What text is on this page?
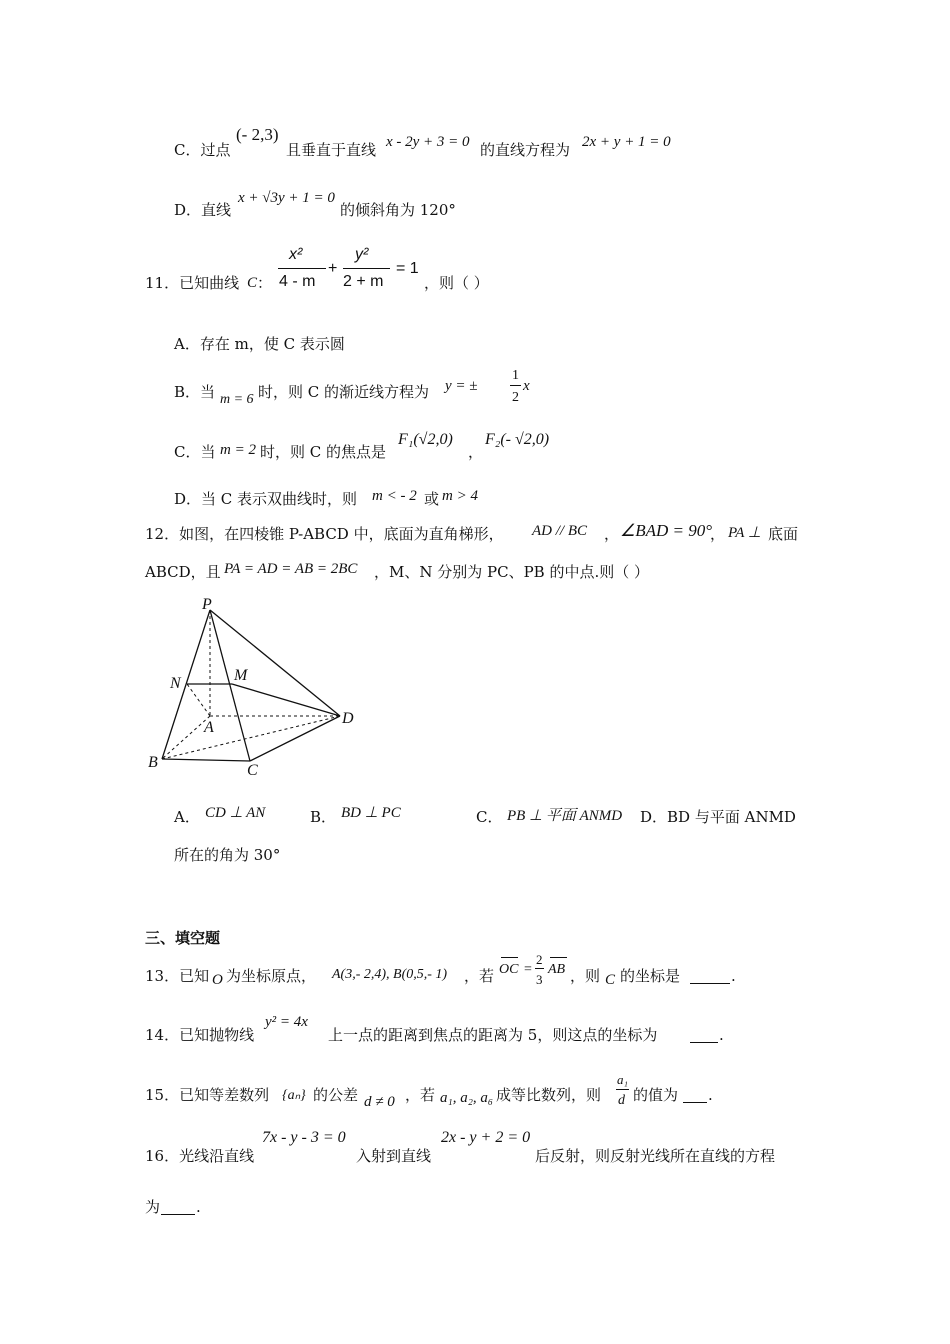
C．过点
(- 2,3)
且垂直于直线 x - 2y + 3 = 0 的直线方程为 2x + y + 1 = 0
D．直线
x + √3y + 1 = 0
的倾斜角为 120°
11．已知曲线 C ：
x²
4 - m
+
y²
2 + m
= 1
，则（ ）
A．存在 m，使 C 表示圆
B．当 m = 6 时，则 C 的渐近线方程为 y = ±
1
2
x
C．当 m = 2 时，则 C 的焦点是
F₁(√2,0)
，
F₂(- √2,0)
D．当 C 表示双曲线时，则 m < - 2 或 m > 4
12．如图，在四棱锥 P-ABCD 中，底面为直角梯形， AD // BC ， ∠BAD = 90°
， PA ⊥ 底面
ABCD，且 PA = AD = AB = 2BC ，M、N 分别为 PC、PB 的中点.则（ ）
P
N	M
A
D
B	C
A． CD ⊥ AN	B． BD ⊥ PC	C． PB ⊥ 平面 ANMD D．BD 与平面 ANMD
所在的角为 30°
三、填空题
13．已知 O 为坐标原点， A(3,- 2,4), B(0,5,- 1) ，若 OC =
2
3
AB ，则 C 的坐标是	.
14．已知抛物线
y² = 4x
上一点的距离到焦点的距离为 5，则这点的坐标为	.
15．已知等差数列 {aₙ} 的公差 d ≠ 0 ，若 a₁, a₂, a₆ 成等比数列，则
a₁
d 的值为 .
16．光线沿直线
7x - y - 3 = 0
入射到直线
2x - y + 2 = 0
后反射，则反射光线所在直线的方程
为 .
